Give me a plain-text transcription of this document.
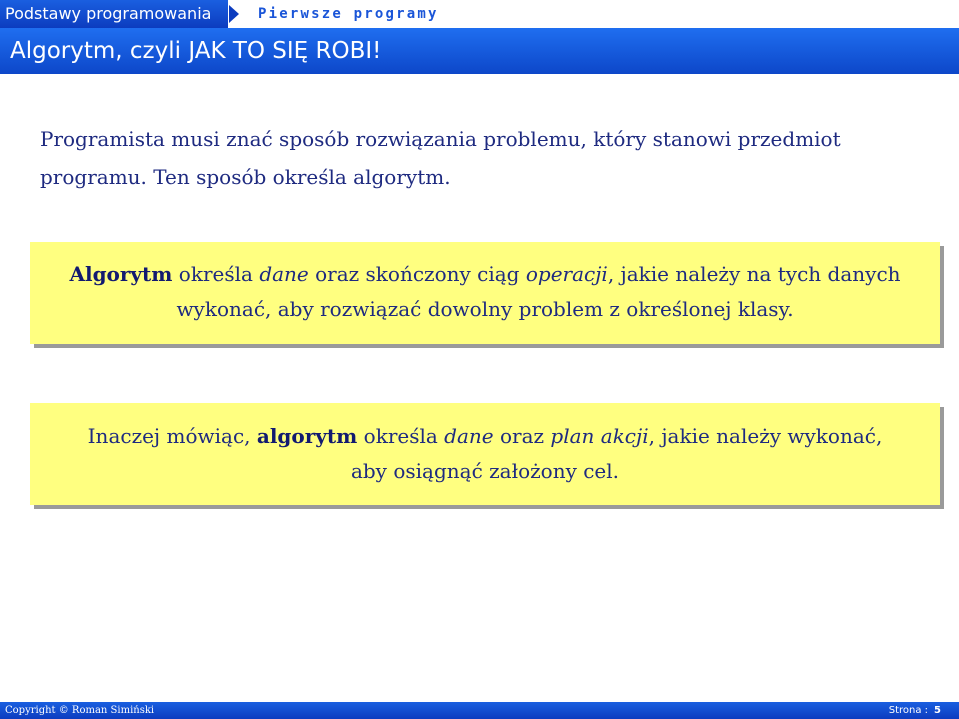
Podstawy programowania	Pierwsze programy
Algorytm, czyli JAK TO SIĘ ROBI!
Programista musi znać sposób rozwiązania problemu, który stanowi przedmiot
programu. Ten sposób określa algorytm.
Algorytm określa dane oraz skończony ciąg operacji, jakie należy na tych danych
wykonać, aby rozwiązać dowolny problem z określonej klasy.
Inaczej mówiąc, algorytm określa dane oraz plan akcji, jakie należy wykonać,
aby osiągnąć założony cel.
Copyright © Roman Simiński	Strona : 5
